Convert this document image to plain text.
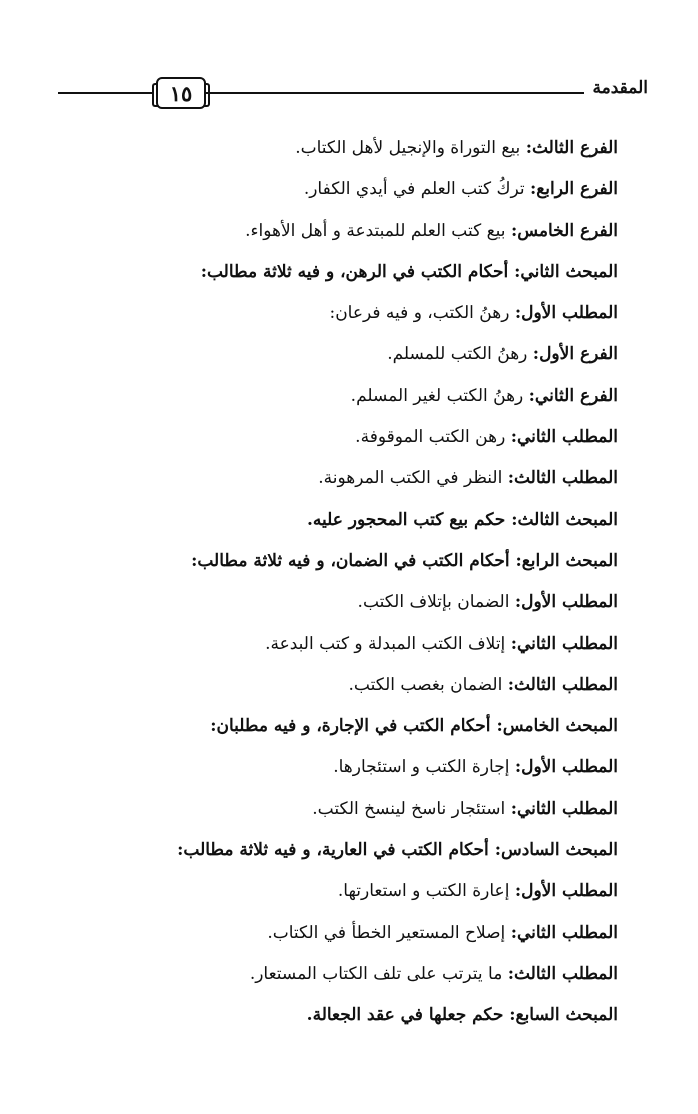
١٥	المقدمة
الفرع الثالث: بيع التوراة والإنجيل لأهل الكتاب.
الفرع الرابع: تركُ كتب العلم في أيدي الكفار.
الفرع الخامس: بيع كتب العلم للمبتدعة و أهل الأهواء.
المبحث الثاني: أحكام الكتب في الرهن، و فيه ثلاثة مطالب:
المطلب الأول: رهنُ الكتب، و فيه فرعان:
الفرع الأول: رهنُ الكتب للمسلم.
الفرع الثاني: رهنُ الكتب لغير المسلم.
المطلب الثاني: رهن الكتب الموقوفة.
المطلب الثالث: النظر في الكتب المرهونة.
المبحث الثالث: حكم بيع كتب المحجور عليه.
المبحث الرابع: أحكام الكتب في الضمان، و فيه ثلاثة مطالب:
المطلب الأول: الضمان بإتلاف الكتب.
المطلب الثاني: إتلاف الكتب المبدلة و كتب البدعة.
المطلب الثالث: الضمان بغصب الكتب.
المبحث الخامس: أحكام الكتب في الإجارة، و فيه مطلبان:
المطلب الأول: إجارة الكتب و استئجارها.
المطلب الثاني: استئجار ناسخ لينسخ الكتب.
المبحث السادس: أحكام الكتب في العارية، و فيه ثلاثة مطالب:
المطلب الأول: إعارة الكتب و استعارتها.
المطلب الثاني: إصلاح المستعير الخطأ في الكتاب.
المطلب الثالث: ما يترتب على تلف الكتاب المستعار.
المبحث السابع: حكم جعلها في عقد الجعالة.
